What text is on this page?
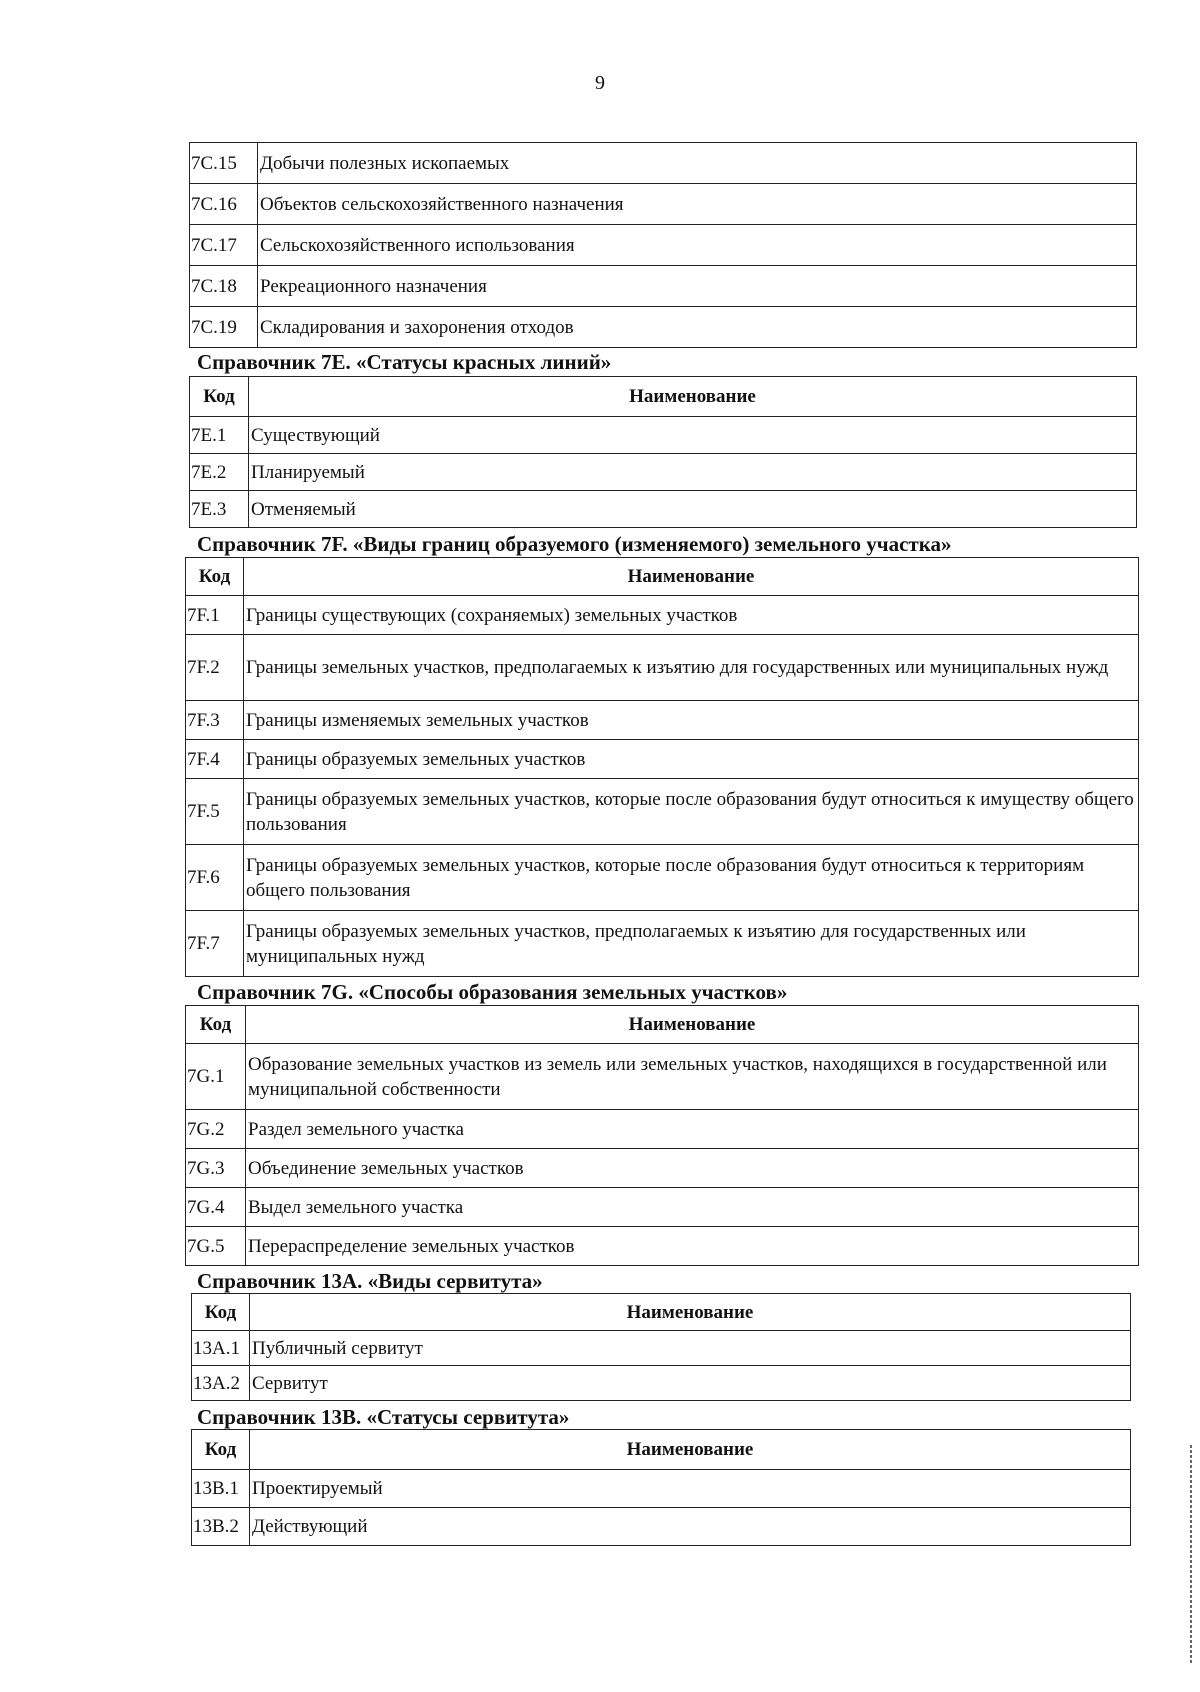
9
7С.15	Добычи полезных ископаемых
7С.16	Объектов сельскохозяйственного назначения
7С.17	Сельскохозяйственного использования
7С.18	Рекреационного назначения
7С.19	Складирования и захоронения отходов
Справочник 7Е. «Статусы красных линий»
Код	Наименование
7Е.1	Существующий
7Е.2	Планируемый
7Е.3	Отменяемый
Справочник 7F. «Виды границ образуемого (изменяемого) земельного участка»
Код	Наименование
7F.1	Границы существующих (сохраняемых) земельных участков
7F.2	Границы земельных участков, предполагаемых к изъятию для государственных или муниципальных нужд
7F.3	Границы изменяемых земельных участков
7F.4	Границы образуемых земельных участков
7F.5	Границы образуемых земельных участков, которые после образования будут относиться к имуществу общего пользования
7F.6	Границы образуемых земельных участков, которые после образования будут относиться к территориям общего пользования
7F.7	Границы образуемых земельных участков, предполагаемых к изъятию для государственных или муниципальных нужд
Справочник 7G. «Способы образования земельных участков»
Код	Наименование
7G.1	Образование земельных участков из земель или земельных участков, находящихся в государственной или муниципальной собственности
7G.2	Раздел земельного участка
7G.3	Объединение земельных участков
7G.4	Выдел земельного участка
7G.5	Перераспределение земельных участков
Справочник 13А. «Виды сервитута»
Код	Наименование
13А.1	Публичный сервитут
13А.2	Сервитут
Справочник 13В. «Статусы сервитута»
Код	Наименование
13В.1	Проектируемый
13В.2	Действующий
